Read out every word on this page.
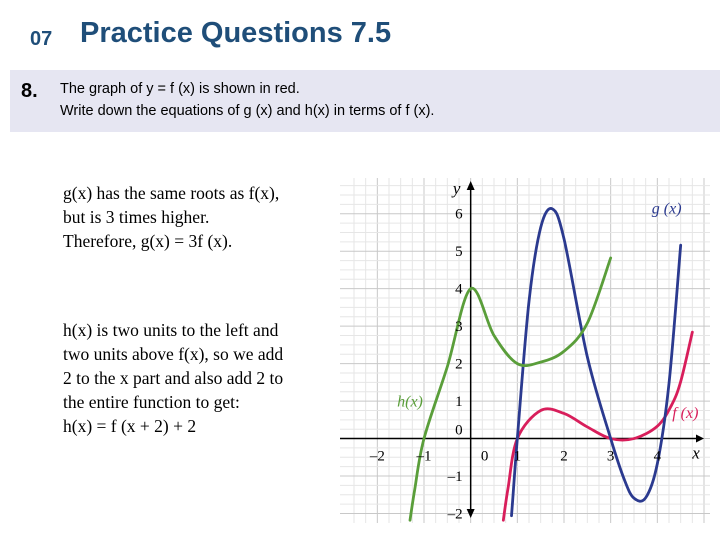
07 Practice Questions 7.5
8. The graph of y = f (x) is shown in red.
Write down the equations of g (x) and h(x) in terms of f (x).
g(x) has the same roots as f(x),
but is 3 times higher.
Therefore, g(x) = 3f (x).
h(x) is two units to the left and
two units above f(x), so we add
2 to the x part and also add 2 to
the entire function to get:
h(x) = f (x + 2) + 2
–2 –1	0 1	2	3	4
–2
–1
1
2
3
4
5
6
0
x
y
f (x)
g (x)
h(x)
